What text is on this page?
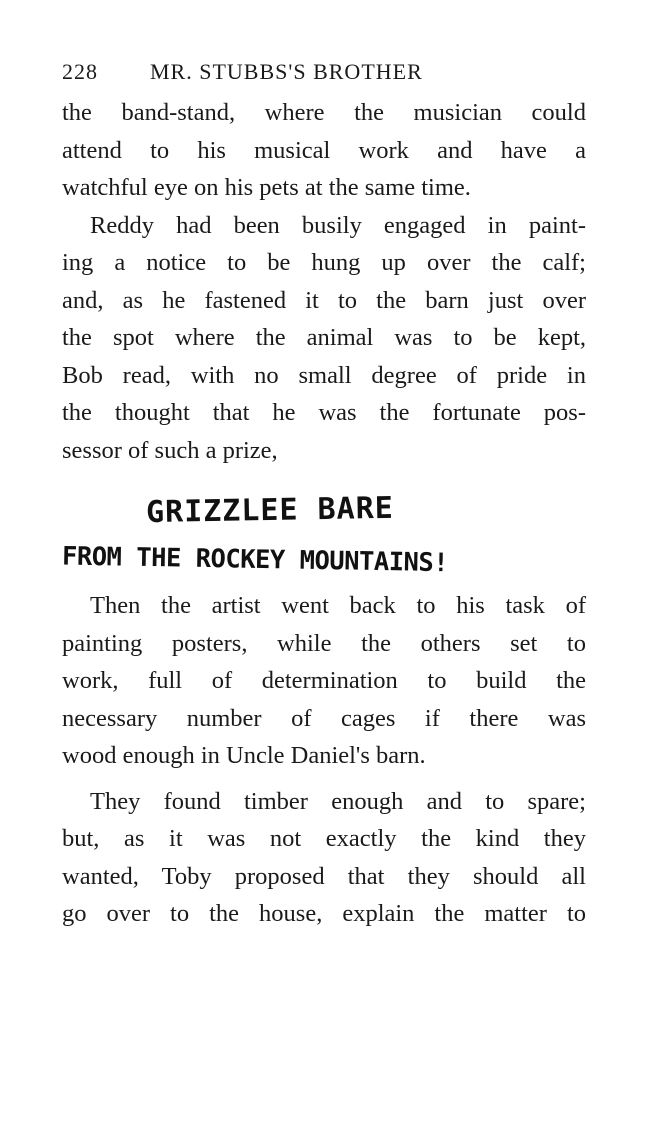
228 MR. STUBBS'S BROTHER
the band-stand, where the musician could
attend to his musical work and have a
watchful eye on his pets at the same time.
Reddy had been busily engaged in paint-
ing a notice to be hung up over the calf;
and, as he fastened it to the barn just over
the spot where the animal was to be kept,
Bob read, with no small degree of pride in
the thought that he was the fortunate pos-
sessor of such a prize,
GRIZZLEE BARE
FROM THE ROCKEY MOUNTAINS!
Then the artist went back to his task of
painting posters, while the others set to
work, full of determination to build the
necessary number of cages if there was
wood enough in Uncle Daniel's barn.
They found timber enough and to spare;
but, as it was not exactly the kind they
wanted, Toby proposed that they should all
go over to the house, explain the matter to
